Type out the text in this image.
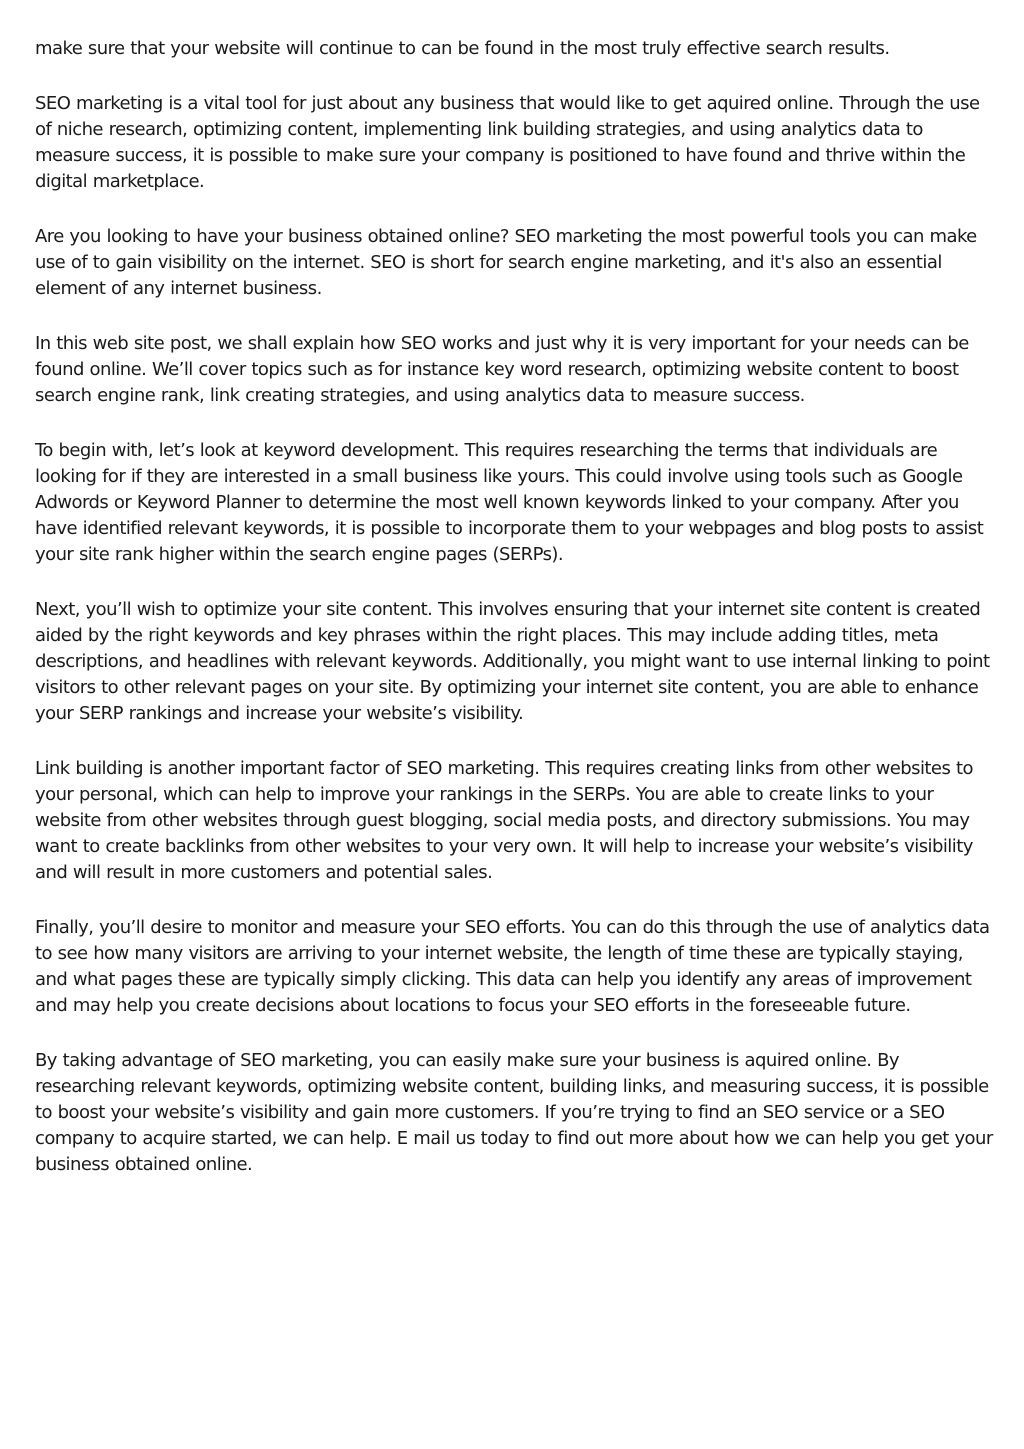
make sure that your website will continue to can be found in the most truly effective search results.

SEO marketing is a vital tool for just about any business that would like to get aquired online. Through the use of niche research, optimizing content, implementing link building strategies, and using analytics data to measure success, it is possible to make sure your company is positioned to have found and thrive within the digital marketplace.

Are you looking to have your business obtained online? SEO marketing the most powerful tools you can make use of to gain visibility on the internet. SEO is short for search engine marketing, and it's also an essential element of any internet business.

In this web site post, we shall explain how SEO works and just why it is very important for your needs can be found online. We’ll cover topics such as for instance key word research, optimizing website content to boost search engine rank, link creating strategies, and using analytics data to measure success.

To begin with, let’s look at keyword development. This requires researching the terms that individuals are looking for if they are interested in a small business like yours. This could involve using tools such as Google Adwords or Keyword Planner to determine the most well known keywords linked to your company. After you have identified relevant keywords, it is possible to incorporate them to your webpages and blog posts to assist your site rank higher within the search engine pages (SERPs).

Next, you’ll wish to optimize your site content. This involves ensuring that your internet site content is created aided by the right keywords and key phrases within the right places. This may include adding titles, meta descriptions, and headlines with relevant keywords. Additionally, you might want to use internal linking to point visitors to other relevant pages on your site. By optimizing your internet site content, you are able to enhance your SERP rankings and increase your website’s visibility.

Link building is another important factor of SEO marketing. This requires creating links from other websites to your personal, which can help to improve your rankings in the SERPs. You are able to create links to your website from other websites through guest blogging, social media posts, and directory submissions. You may want to create backlinks from other websites to your very own. It will help to increase your website’s visibility and will result in more customers and potential sales.

Finally, you’ll desire to monitor and measure your SEO efforts. You can do this through the use of analytics data to see how many visitors are arriving to your internet website, the length of time these are typically staying, and what pages these are typically simply clicking. This data can help you identify any areas of improvement and may help you create decisions about locations to focus your SEO efforts in the foreseeable future.

By taking advantage of SEO marketing, you can easily make sure your business is aquired online. By researching relevant keywords, optimizing website content, building links, and measuring success, it is possible to boost your website’s visibility and gain more customers. If you’re trying to find an SEO service or a SEO company to acquire started, we can help. E mail us today to find out more about how we can help you get your business obtained online.
